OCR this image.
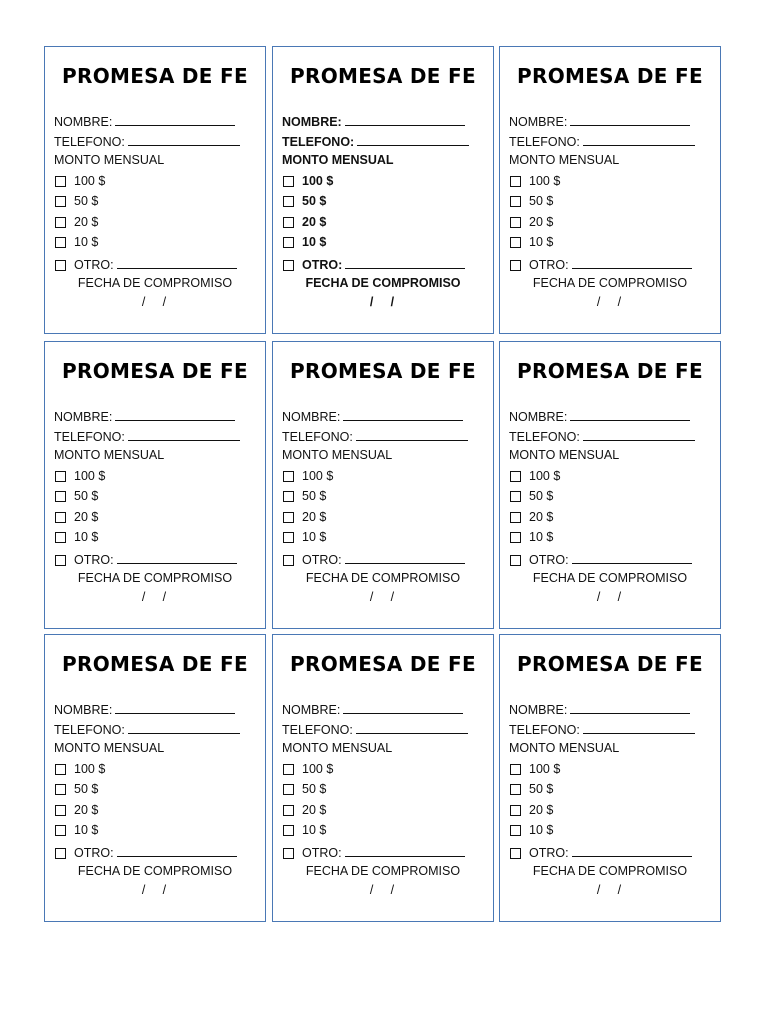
PROMESA DE FE
NOMBRE:
TELEFONO:
MONTO MENSUAL
100 $
50 $
20 $
10 $
OTRO:
FECHA DE COMPROMISO
/     /
PROMESA DE FE
NOMBRE:
TELEFONO:
MONTO MENSUAL
100 $
50 $
20 $
10 $
OTRO:
FECHA DE COMPROMISO
/     /
PROMESA DE FE
NOMBRE:
TELEFONO:
MONTO MENSUAL
100 $
50 $
20 $
10 $
OTRO:
FECHA DE COMPROMISO
/     /
PROMESA DE FE
NOMBRE:
TELEFONO:
MONTO MENSUAL
100 $
50 $
20 $
10 $
OTRO:
FECHA DE COMPROMISO
/     /
PROMESA DE FE
NOMBRE:
TELEFONO:
MONTO MENSUAL
100 $
50 $
20 $
10 $
OTRO:
FECHA DE COMPROMISO
/     /
PROMESA DE FE
NOMBRE:
TELEFONO:
MONTO MENSUAL
100 $
50 $
20 $
10 $
OTRO:
FECHA DE COMPROMISO
/     /
PROMESA DE FE
NOMBRE:
TELEFONO:
MONTO MENSUAL
100 $
50 $
20 $
10 $
OTRO:
FECHA DE COMPROMISO
/     /
PROMESA DE FE
NOMBRE:
TELEFONO:
MONTO MENSUAL
100 $
50 $
20 $
10 $
OTRO:
FECHA DE COMPROMISO
/     /
PROMESA DE FE
NOMBRE:
TELEFONO:
MONTO MENSUAL
100 $
50 $
20 $
10 $
OTRO:
FECHA DE COMPROMISO
/     /
